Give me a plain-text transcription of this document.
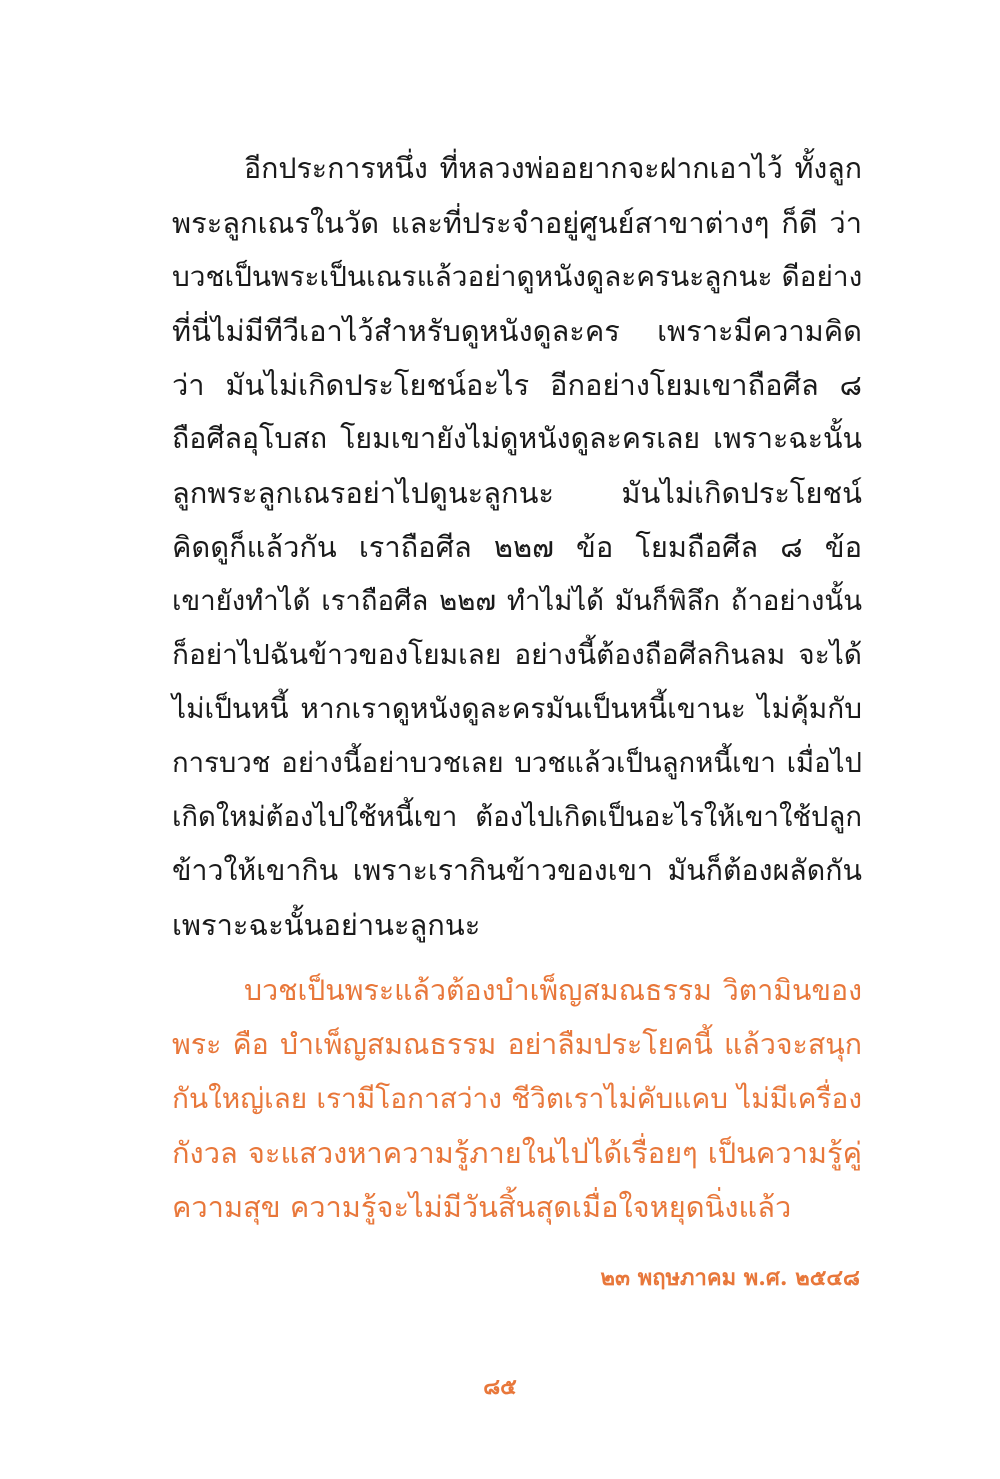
อีกประการหนึ่ง ที่หลวงพ่ออยากจะฝากเอาไว้ ทั้งลูก
พระลูกเณรในวัด และที่ประจำอยู่ศูนย์สาขาต่างๆ ก็ดี ว่า
บวชเป็นพระเป็นเณรแล้วอย่าดูหนังดูละครนะลูกนะ ดีอย่าง
ที่นี่ไม่มีทีวีเอาไว้สำหรับดูหนังดูละคร เพราะมีความคิด
ว่า มันไม่เกิดประโยชน์อะไร อีกอย่างโยมเขาถือศีล ๘
ถือศีลอุโบสถ โยมเขายังไม่ดูหนังดูละครเลย เพราะฉะนั้น
ลูกพระลูกเณรอย่าไปดูนะลูกนะ มันไม่เกิดประโยชน์
คิดดูก็แล้วกัน เราถือศีล ๒๒๗ ข้อ โยมถือศีล ๘ ข้อ
เขายังทำได้ เราถือศีล ๒๒๗ ทำไม่ได้ มันก็พิลึก ถ้าอย่างนั้น
ก็อย่าไปฉันข้าวของโยมเลย อย่างนี้ต้องถือศีลกินลม จะได้
ไม่เป็นหนี้ หากเราดูหนังดูละครมันเป็นหนี้เขานะ ไม่คุ้มกับ
การบวช อย่างนี้อย่าบวชเลย บวชแล้วเป็นลูกหนี้เขา เมื่อไป
เกิดใหม่ต้องไปใช้หนี้เขา ต้องไปเกิดเป็นอะไรให้เขาใช้ปลูก
ข้าวให้เขากิน เพราะเรากินข้าวของเขา มันก็ต้องผลัดกัน
เพราะฉะนั้นอย่านะลูกนะ
บวชเป็นพระแล้วต้องบำเพ็ญสมณธรรม วิตามินของ
พระ คือ บำเพ็ญสมณธรรม อย่าลืมประโยคนี้ แล้วจะสนุก
กันใหญ่เลย เรามีโอกาสว่าง ชีวิตเราไม่คับแคบ ไม่มีเครื่อง
กังวล จะแสวงหาความรู้ภายในไปได้เรื่อยๆ เป็นความรู้คู่
ความสุข ความรู้จะไม่มีวันสิ้นสุดเมื่อใจหยุดนิ่งแล้ว
๒๓ พฤษภาคม พ.ศ. ๒๕๔๘
๘๕
